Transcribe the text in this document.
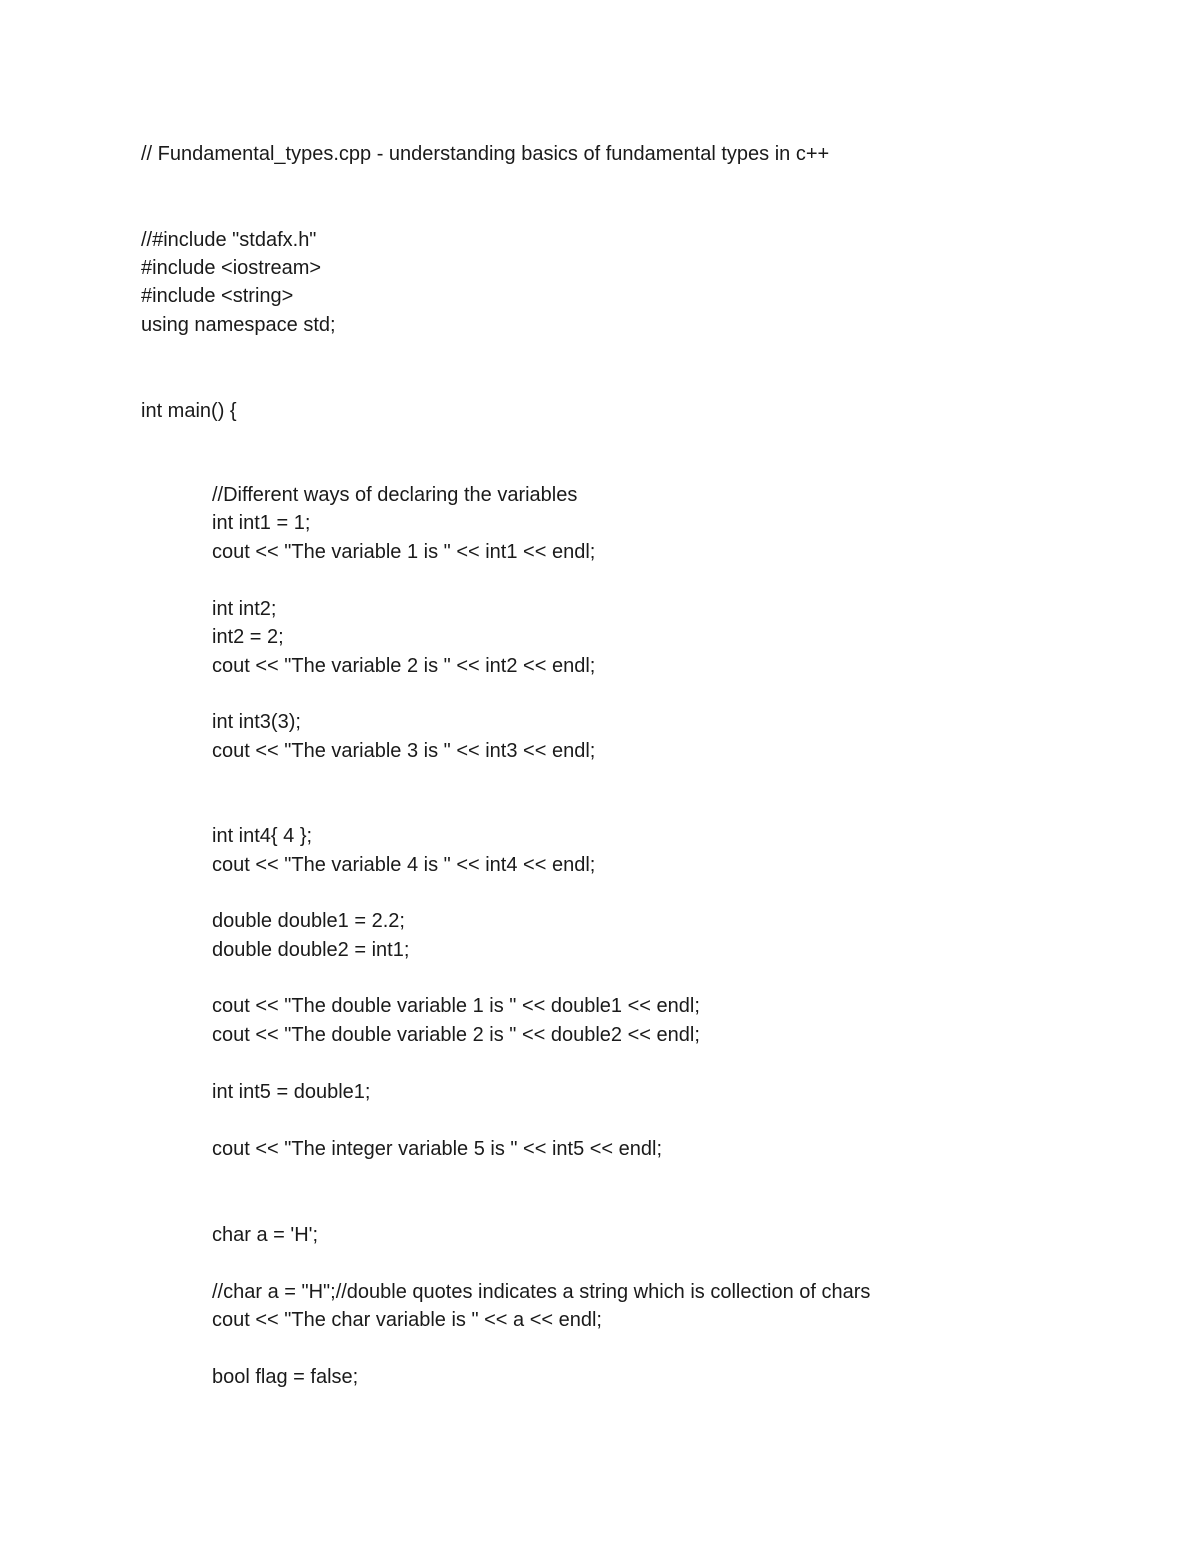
// Fundamental_types.cpp - understanding basics of fundamental types in c++
//#include "stdafx.h"
#include <iostream>
#include <string>
using namespace std;
int main() {
//Different ways of declaring the variables
int int1 = 1;
cout << "The variable 1 is " << int1 << endl;
int int2;
int2 = 2;
cout << "The variable 2 is " << int2 << endl;
int int3(3);
cout << "The variable 3 is " << int3 << endl;
int int4{ 4 };
cout << "The variable 4 is " << int4 << endl;
double double1 = 2.2;
double double2 = int1;
cout << "The double variable 1 is " << double1 << endl;
cout << "The double variable 2 is " << double2 << endl;
int int5 = double1;
cout << "The integer variable 5 is " << int5 << endl;
char a = 'H';
//char a = "H";//double quotes indicates a string which is collection of chars
cout << "The char variable is " << a << endl;
bool flag = false;
